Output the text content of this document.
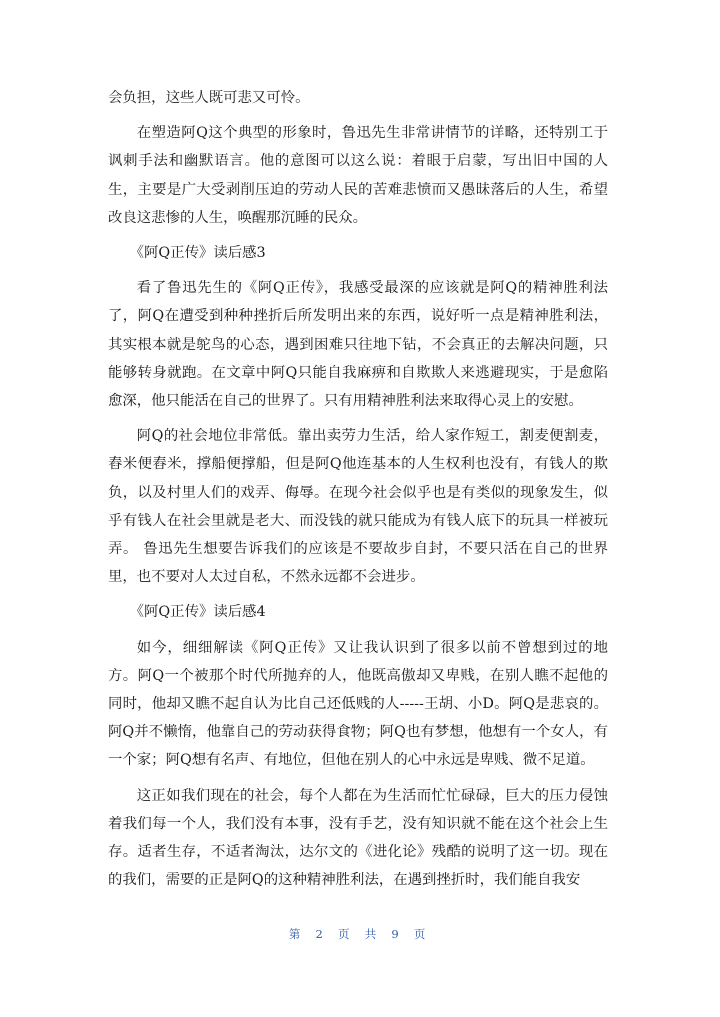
会负担，这些人既可悲又可怜。

在塑造阿Q这个典型的形象时，鲁迅先生非常讲情节的详略，还特别工于讽刺手法和幽默语言。他的意图可以这么说：着眼于启蒙，写出旧中国的人生，主要是广大受剥削压迫的劳动人民的苦难悲愤而又愚昧落后的人生，希望改良这悲惨的人生，唤醒那沉睡的民众。

《阿Q正传》读后感3

看了鲁迅先生的《阿Q正传》，我感受最深的应该就是阿Q的精神胜利法了，阿Q在遭受到种种挫折后所发明出来的东西，说好听一点是精神胜利法，其实根本就是鸵鸟的心态，遇到困难只往地下钻，不会真正的去解决问题，只能够转身就跑。在文章中阿Q只能自我麻痹和自欺欺人来逃避现实，于是愈陷愈深，他只能活在自己的世界了。只有用精神胜利法来取得心灵上的安慰。

阿Q的社会地位非常低。靠出卖劳力生活，给人家作短工，割麦便割麦，舂米便舂米，撑船便撑船，但是阿Q他连基本的人生权利也没有，有钱人的欺负，以及村里人们的戏弄、侮辱。在现今社会似乎也是有类似的现象发生，似乎有钱人在社会里就是老大、而没钱的就只能成为有钱人底下的玩具一样被玩弄。 鲁迅先生想要告诉我们的应该是不要故步自封，不要只活在自己的世界里，也不要对人太过自私，不然永远都不会进步。

《阿Q正传》读后感4

如今，细细解读《阿Q正传》又让我认识到了很多以前不曾想到过的地方。阿Q一个被那个时代所抛弃的人，他既高傲却又卑贱，在别人瞧不起他的同时，他却又瞧不起自认为比自己还低贱的人-----王胡、小D。阿Q是悲哀的。阿Q并不懒惰，他靠自己的劳动获得食物；阿Q也有梦想，他想有一个女人，有一个家；阿Q想有名声、有地位，但他在别人的心中永远是卑贱、微不足道。

这正如我们现在的社会，每个人都在为生活而忙忙碌碌，巨大的压力侵蚀着我们每一个人，我们没有本事，没有手艺，没有知识就不能在这个社会上生存。适者生存，不适者淘汰，达尔文的《进化论》残酷的说明了这一切。现在的我们，需要的正是阿Q的这种精神胜利法，在遇到挫折时，我们能自我安

第 2 页 共 9 页
